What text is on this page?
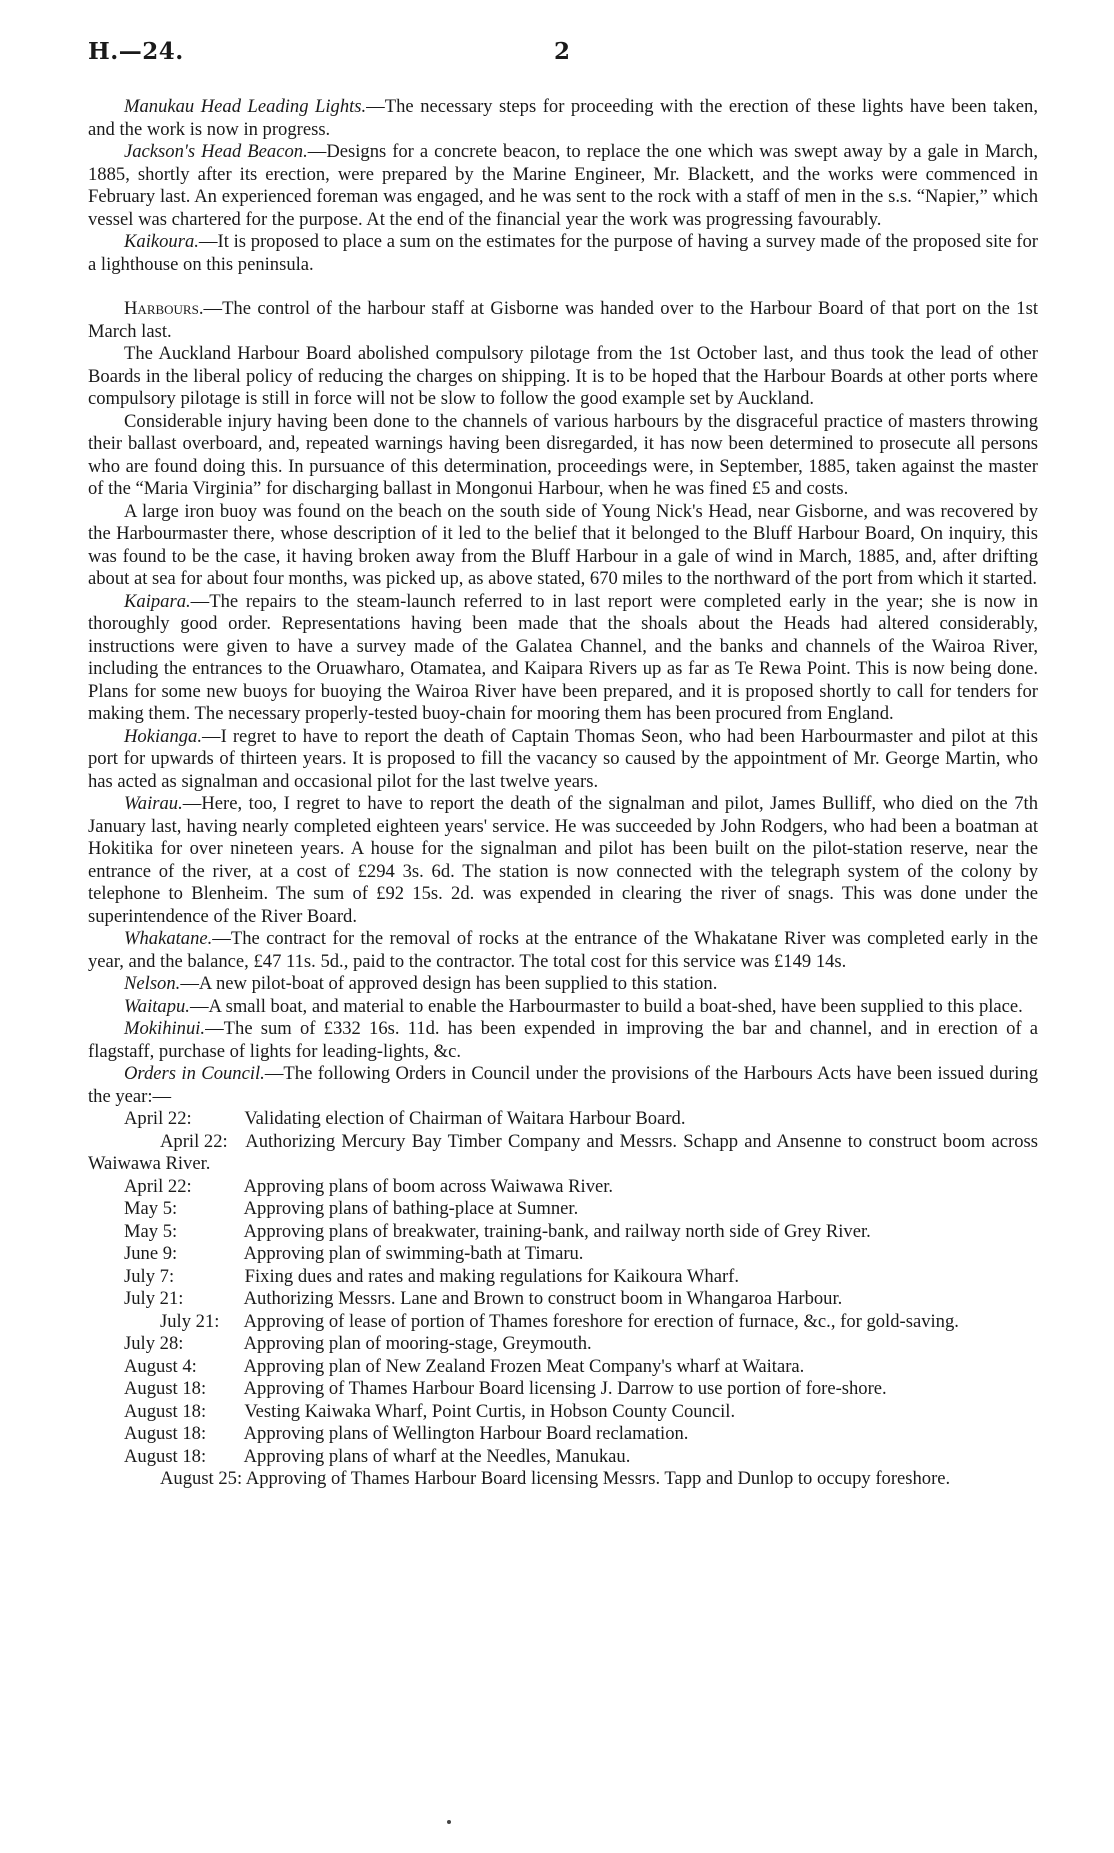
H.—24.	2

Manukau Head Leading Lights.—The necessary steps for proceeding with the erection of these lights have been taken, and the work is now in progress.

Jackson's Head Beacon.—Designs for a concrete beacon, to replace the one which was swept away by a gale in March, 1885, shortly after its erection, were prepared by the Marine Engineer, Mr. Blackett, and the works were commenced in February last. An experienced foreman was engaged, and he was sent to the rock with a staff of men in the s.s. “Napier,” which vessel was chartered for the purpose. At the end of the financial year the work was progressing favourably.

Kaikoura.—It is proposed to place a sum on the estimates for the purpose of having a survey made of the proposed site for a lighthouse on this peninsula.

Harbours.—The control of the harbour staff at Gisborne was handed over to the Harbour Board of that port on the 1st March last.

The Auckland Harbour Board abolished compulsory pilotage from the 1st October last, and thus took the lead of other Boards in the liberal policy of reducing the charges on shipping. It is to be hoped that the Harbour Boards at other ports where compulsory pilotage is still in force will not be slow to follow the good example set by Auckland.

Considerable injury having been done to the channels of various harbours by the disgraceful practice of masters throwing their ballast overboard, and, repeated warnings having been disregarded, it has now been determined to prosecute all persons who are found doing this. In pursuance of this determination, proceedings were, in September, 1885, taken against the master of the “Maria Virginia” for discharging ballast in Mongonui Harbour, when he was fined £5 and costs.

A large iron buoy was found on the beach on the south side of Young Nick's Head, near Gisborne, and was recovered by the Harbourmaster there, whose description of it led to the belief that it belonged to the Bluff Harbour Board, On inquiry, this was found to be the case, it having broken away from the Bluff Harbour in a gale of wind in March, 1885, and, after drifting about at sea for about four months, was picked up, as above stated, 670 miles to the northward of the port from which it started.

Kaipara.—The repairs to the steam-launch referred to in last report were completed early in the year; she is now in thoroughly good order. Representations having been made that the shoals about the Heads had altered considerably, instructions were given to have a survey made of the Galatea Channel, and the banks and channels of the Wairoa River, including the entrances to the Oruawharo, Otamatea, and Kaipara Rivers up as far as Te Rewa Point. This is now being done. Plans for some new buoys for buoying the Wairoa River have been prepared, and it is proposed shortly to call for tenders for making them. The necessary properly-tested buoy-chain for mooring them has been procured from England.

Hokianga.—I regret to have to report the death of Captain Thomas Seon, who had been Harbourmaster and pilot at this port for upwards of thirteen years. It is proposed to fill the vacancy so caused by the appointment of Mr. George Martin, who has acted as signalman and occasional pilot for the last twelve years.

Wairau.—Here, too, I regret to have to report the death of the signalman and pilot, James Bulliff, who died on the 7th January last, having nearly completed eighteen years' service. He was succeeded by John Rodgers, who had been a boatman at Hokitika for over nineteen years. A house for the signalman and pilot has been built on the pilot-station reserve, near the entrance of the river, at a cost of £294 3s. 6d. The station is now connected with the telegraph system of the colony by telephone to Blenheim. The sum of £92 15s. 2d. was expended in clearing the river of snags. This was done under the superintendence of the River Board.

Whakatane.—The contract for the removal of rocks at the entrance of the Whakatane River was completed early in the year, and the balance, £47 11s. 5d., paid to the contractor. The total cost for this service was £149 14s.

Nelson.—A new pilot-boat of approved design has been supplied to this station.

Waitapu.—A small boat, and material to enable the Harbourmaster to build a boat-shed, have been supplied to this place.

Mokihinui.—The sum of £332 16s. 11d. has been expended in improving the bar and channel, and in erection of a flagstaff, purchase of lights for leading-lights, &c.

Orders in Council.—The following Orders in Council under the provisions of the Harbours Acts have been issued during the year:—

April 22:	Validating election of Chairman of Waitara Harbour Board.

April 22: Authorizing Mercury Bay Timber Company and Messrs. Schapp and Ansenne to construct boom across Waiwawa River.

April 22:	Approving plans of boom across Waiwawa River.

May 5:	Approving plans of bathing-place at Sumner.

May 5:	Approving plans of breakwater, training-bank, and railway north side of Grey River.

June 9:	Approving plan of swimming-bath at Timaru.

July 7:	Fixing dues and rates and making regulations for Kaikoura Wharf.

July 21:	Authorizing Messrs. Lane and Brown to construct boom in Whangaroa Harbour.

July 21: Approving of lease of portion of Thames foreshore for erection of furnace, &c., for gold-saving.

July 28:	Approving plan of mooring-stage, Greymouth.

August 4:	Approving plan of New Zealand Frozen Meat Company's wharf at Waitara.

August 18: Approving of Thames Harbour Board licensing J. Darrow to use portion of fore-shore.

August 18: Vesting Kaiwaka Wharf, Point Curtis, in Hobson County Council.

August 18: Approving plans of Wellington Harbour Board reclamation.

August 18: Approving plans of wharf at the Needles, Manukau.

August 25: Approving of Thames Harbour Board licensing Messrs. Tapp and Dunlop to occupy foreshore.
